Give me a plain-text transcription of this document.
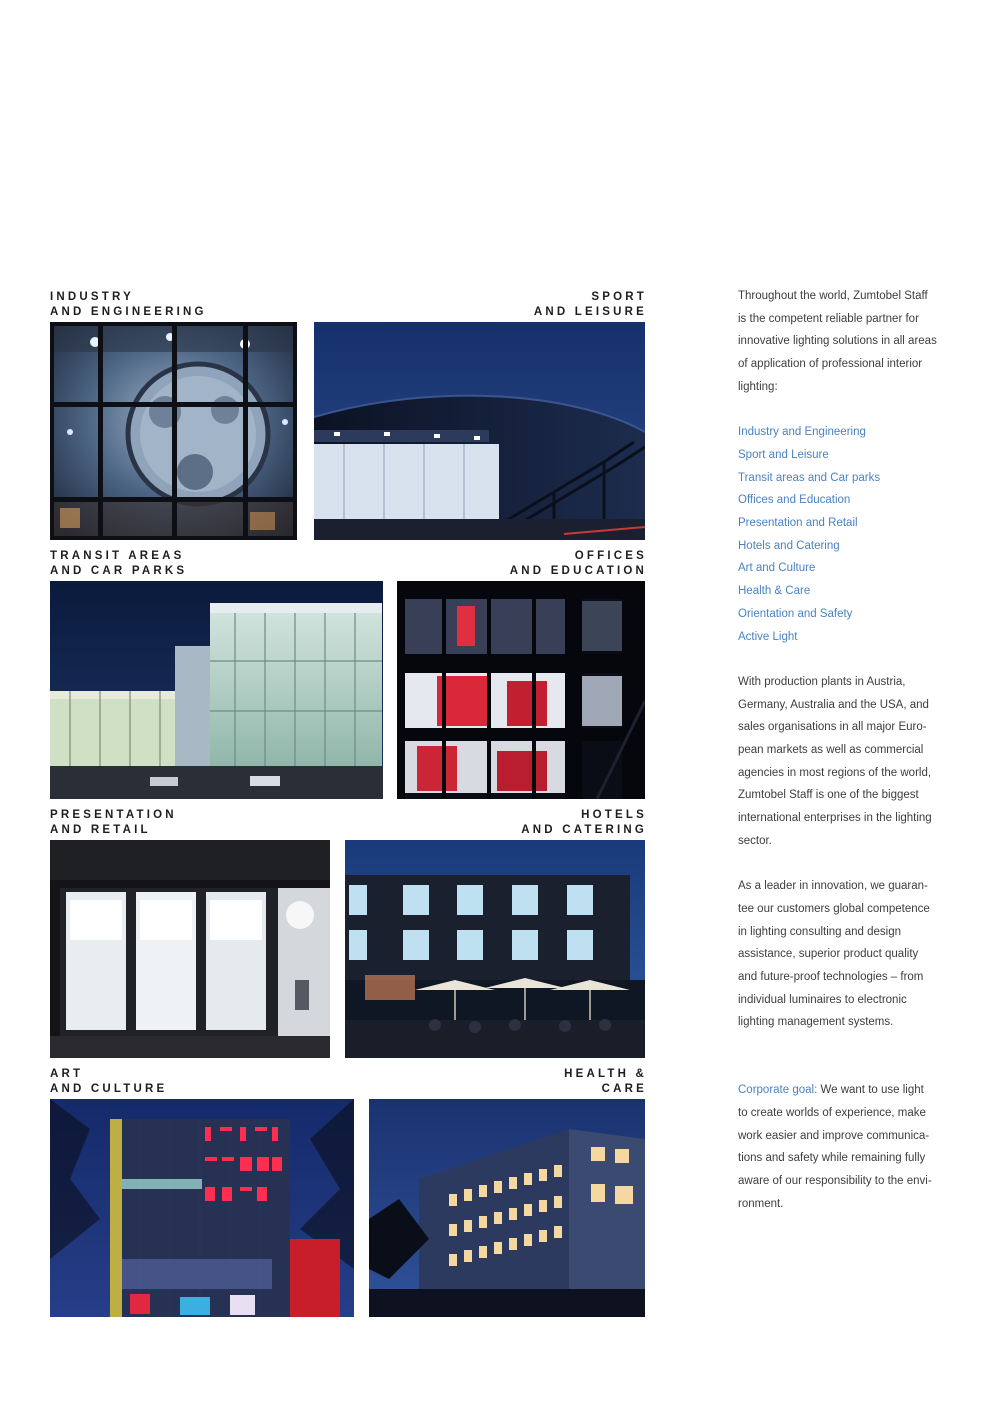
INDUSTRY
AND ENGINEERING
SPORT
AND LEISURE
TRANSIT AREAS
AND CAR PARKS
OFFICES
AND EDUCATION
PRESENTATION
AND RETAIL
HOTELS
AND CATERING
ART
AND CULTURE
HEALTH &
CARE

Throughout the world, Zumtobel Staff
is the competent reliable partner for
innovative lighting solutions in all areas
of application of professional interior
lighting:

Industry and Engineering
Sport and Leisure
Transit areas and Car parks
Offices and Education
Presentation and Retail
Hotels and Catering
Art and Culture
Health & Care
Orientation and Safety
Active Light

With production plants in Austria,
Germany, Australia and the USA, and
sales organisations in all major Euro-
pean markets as well as commercial
agencies in most regions of the world,
Zumtobel Staff is one of the biggest
international enterprises in the lighting
sector.

As a leader in innovation, we guaran-
tee our customers global competence
in lighting consulting and design
assistance, superior product quality
and future-proof technologies – from
individual luminaires to electronic
lighting management systems.

Corporate goal: We want to use light
to create worlds of experience, make
work easier and improve communica-
tions and safety while remaining fully
aware of our responsibility to the envi-
ronment.
